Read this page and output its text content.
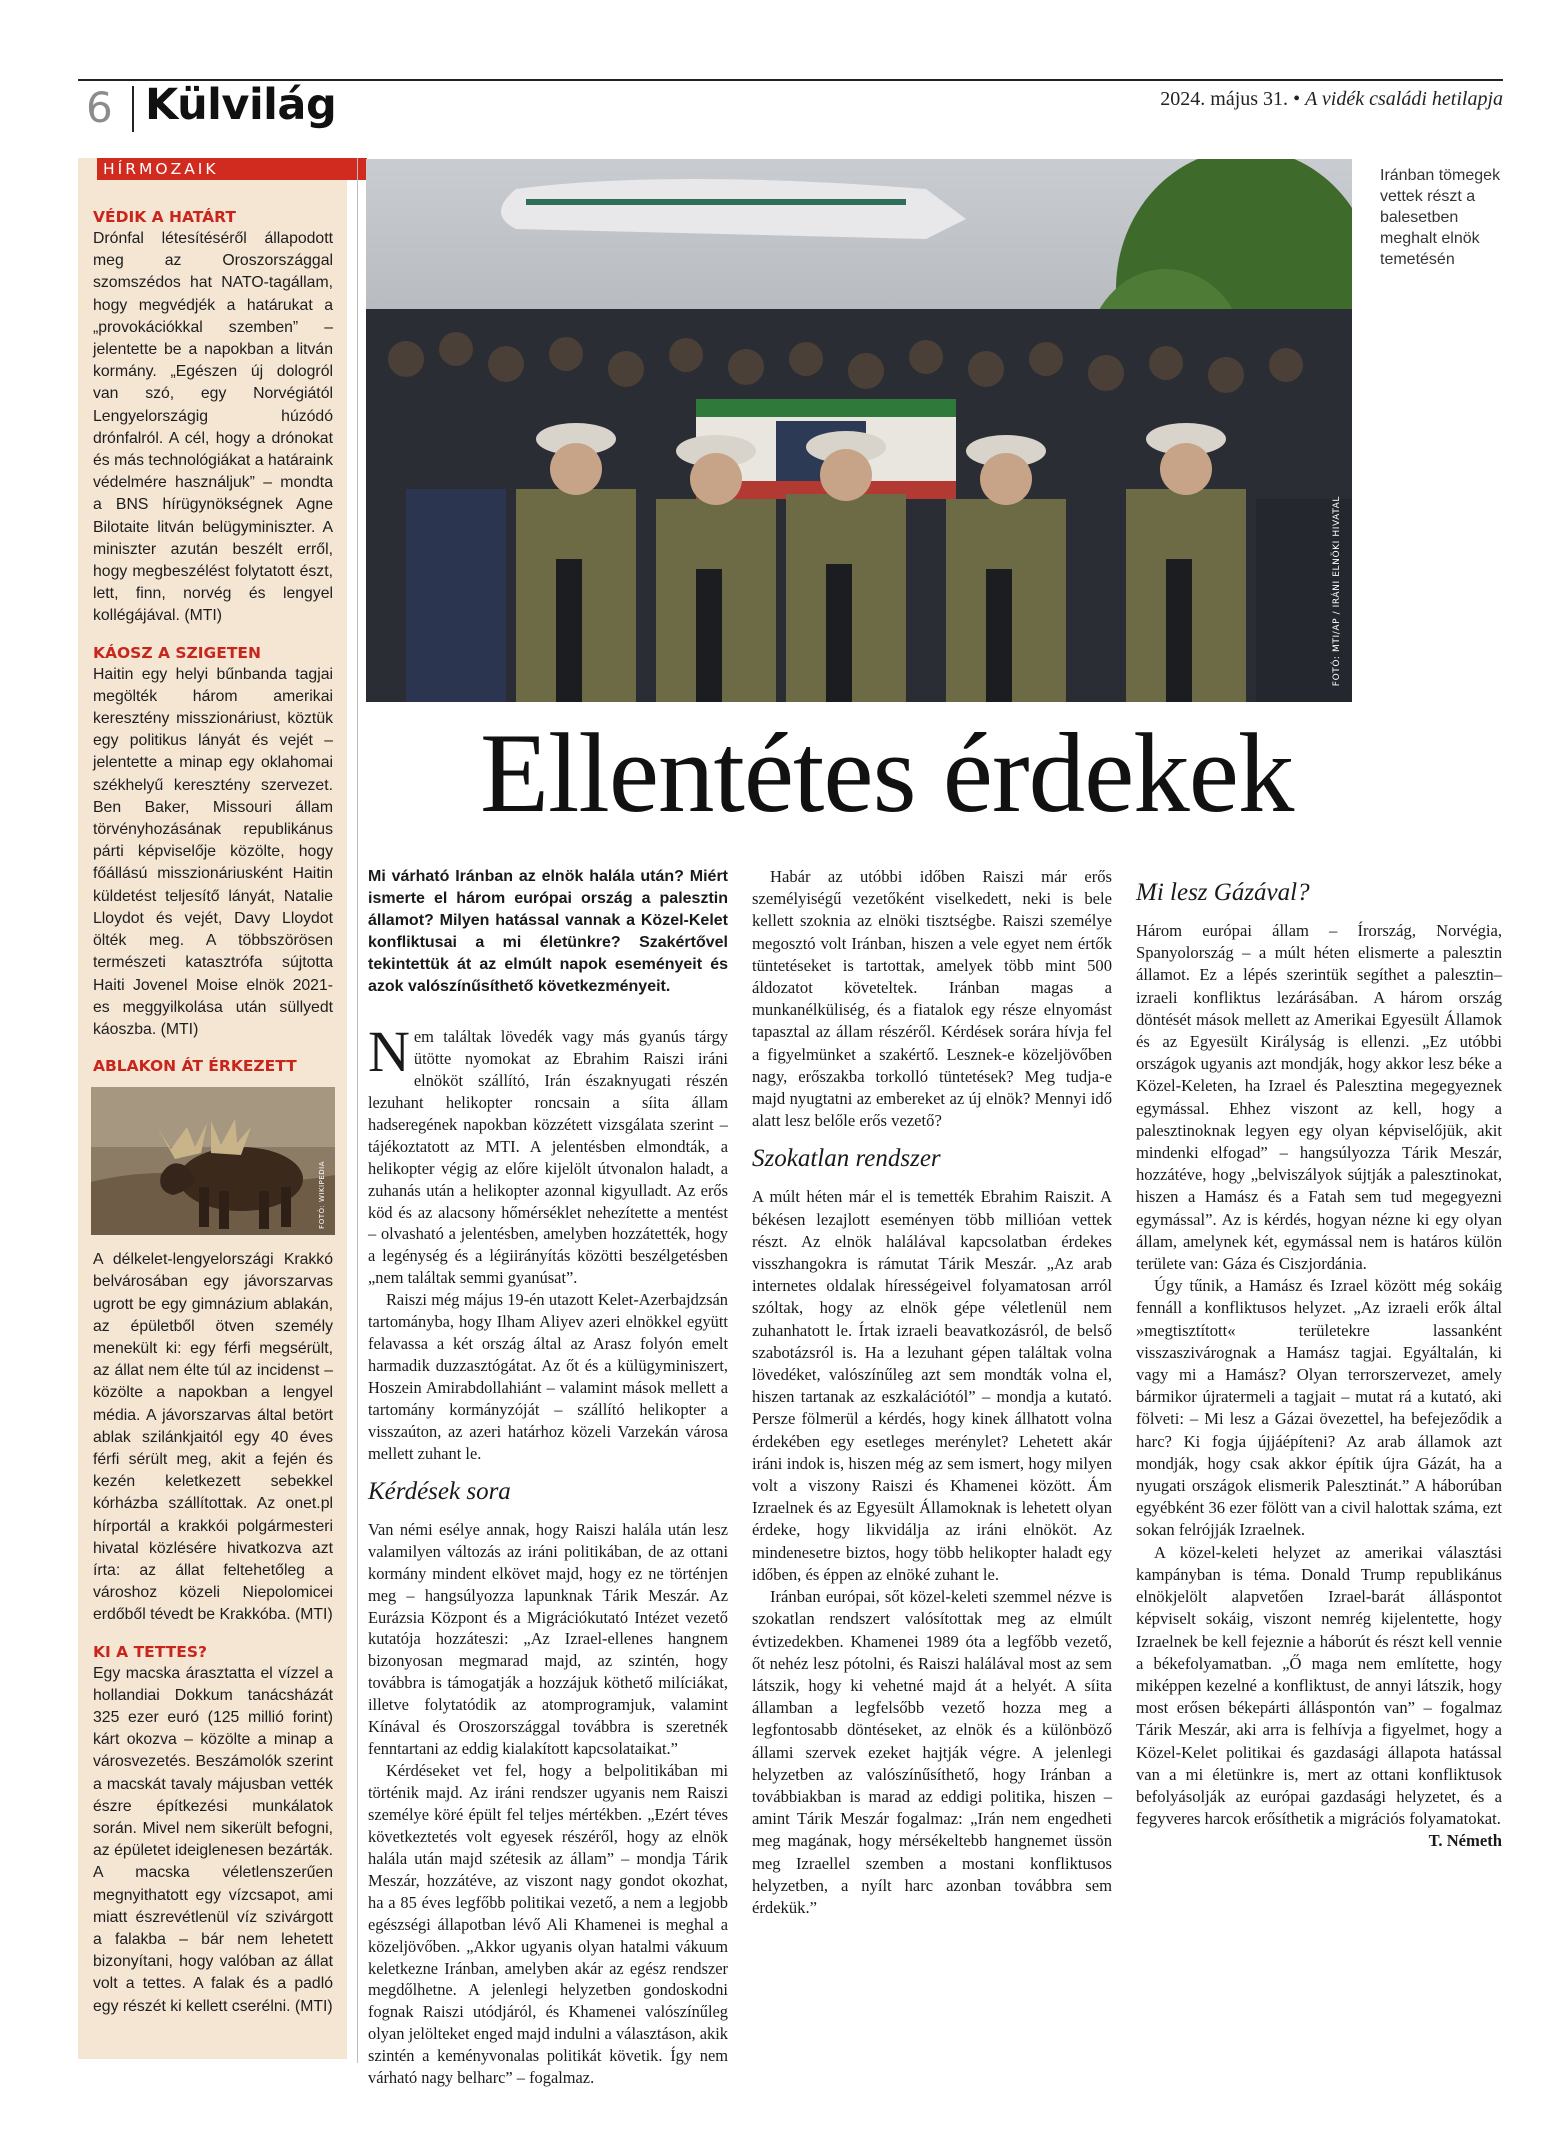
6 Külvilág	2024. május 31. • A vidék családi hetilapja
HÍRMOZAIK
VÉDIK A HATÁRT

Drónfal létesítéséről állapodott meg az Oroszországgal szomszédos hat NATO-tagállam, hogy megvédjék a határukat a „provokációkkal szemben” – jelentette be a napokban a litván kormány. „Egészen új dologról van szó, egy Norvégiától Lengyelországig húzódó drónfalról. A cél, hogy a drónokat és más technológiákat a határaink védelmére használjuk” – mondta a BNS hírügynökségnek Agne Bilotaite litván belügyminiszter. A miniszter azután beszélt erről, hogy megbeszélést folytatott észt, lett, finn, norvég és lengyel kollégájával. (MTI)

KÁOSZ A SZIGETEN

Haitin egy helyi bűnbanda tagjai megölték három amerikai keresztény misszionáriust, köztük egy politikus lányát és vejét – jelentette a minap egy oklahomai székhelyű keresztény szervezet. Ben Baker, Missouri állam törvényhozásának republikánus párti képviselője közölte, hogy főállású misszionáriusként Haitin küldetést teljesítő lányát, Natalie Lloydot és vejét, Davy Lloydot ölték meg. A többszörösen természeti katasztrófa sújtotta Haiti Jovenel Moise elnök 2021-es meggyilkolása után süllyedt káoszba. (MTI)

ABLAKON ÁT ÉRKEZETT
FOTÓ: WIKIPEDIA

A délkelet-lengyelországi Krakkó belvárosában egy jávorszarvas ugrott be egy gimnázium ablakán, az épületből ötven személy menekült ki: egy férfi megsérült, az állat nem élte túl az incidenst – közölte a napokban a lengyel média. A jávorszarvas által betört ablak szilánkjaitól egy 40 éves férfi sérült meg, akit a fején és kezén keletkezett sebekkel kórházba szállítottak. Az onet.pl hírportál a krakkói polgármesteri hivatal közlésére hivatkozva azt írta: az állat feltehetőleg a városhoz közeli Niepolomicei erdőből tévedt be Krakkóba. (MTI)

KI A TETTES?

Egy macska árasztatta el vízzel a hollandiai Dokkum tanácsházát 325 ezer euró (125 millió forint) kárt okozva – közölte a minap a városvezetés. Beszámolók szerint a macskát tavaly májusban vették észre építkezési munkálatok során. Mivel nem sikerült befogni, az épületet ideiglenesen bezárták. A macska véletlenszerűen megnyithatott egy vízcsapot, ami miatt észrevétlenül víz szivárgott a falakba – bár nem lehetett bizonyítani, hogy valóban az állat volt a tettes. A falak és a padló egy részét ki kellett cserélni. (MTI)

FOTÓ: MTI/AP / IRÁNI ELNÖKI HIVATAL
Iránban tömegek vettek részt a balesetben meghalt elnök temetésén
Ellentétes érdekek

Mi várható Iránban az elnök halála után? Miért ismerte el három európai ország a palesztin államot? Milyen hatással vannak a Közel-Kelet konfliktusai a mi életünkre? Szakértővel tekintettük át az elmúlt napok eseményeit és azok valószínűsíthető következményeit.

Nem találtak lövedék vagy más gyanús tárgy ütötte nyomokat az Ebrahim Raiszi iráni elnököt szállító, Irán északnyugati részén lezuhant helikopter roncsain a síita állam hadseregének napokban közzétett vizsgálata szerint – tájékoztatott az MTI. A jelentésben elmondták, a helikopter végig az előre kijelölt útvonalon haladt, a zuhanás után a helikopter azonnal kigyulladt. Az erős köd és az alacsony hőmérséklet nehezítette a mentést – olvasható a jelentésben, amelyben hozzátették, hogy a legénység és a légiirányítás közötti beszélgetésben „nem találtak semmi gyanúsat”.

Raiszi még május 19-én utazott Kelet-Azerbajdzsán tartományba, hogy Ilham Aliyev azeri elnökkel együtt felavassa a két ország által az Arasz folyón emelt harmadik duzzasztógátat. Az őt és a külügyminiszert, Hoszein Amirabdollahiánt – valamint mások mellett a tartomány kormányzóját – szállító helikopter a visszaúton, az azeri határhoz közeli Varzekán városa mellett zuhant le.

Kérdések sora

Van némi esélye annak, hogy Raiszi halála után lesz valamilyen változás az iráni politikában, de az ottani kormány mindent elkövet majd, hogy ez ne történjen meg – hangsúlyozza lapunknak Tárik Meszár. Az Eurázsia Központ és a Migrációkutató Intézet vezető kutatója hozzáteszi: „Az Izrael-ellenes hangnem bizonyosan megmarad majd, az szintén, hogy továbbra is támogatják a hozzájuk köthető milíciákat, illetve folytatódik az atomprogramjuk, valamint Kínával és Oroszországgal továbbra is szeretnék fenntartani az eddig kialakított kapcsolataikat.”

Kérdéseket vet fel, hogy a belpolitikában mi történik majd. Az iráni rendszer ugyanis nem Raiszi személye köré épült fel teljes mértékben. „Ezért téves következtetés volt egyesek részéről, hogy az elnök halála után majd szétesik az állam” – mondja Tárik Meszár, hozzátéve, az viszont nagy gondot okozhat, ha a 85 éves legfőbb politikai vezető, a nem a legjobb egészségi állapotban lévő Ali Khamenei is meghal a közeljövőben. „Akkor ugyanis olyan hatalmi vákuum keletkezne Iránban, amelyben akár az egész rendszer megdőlhetne. A jelenlegi helyzetben gondoskodni fognak Raiszi utódjáról, és Khamenei valószínűleg olyan jelölteket enged majd indulni a választáson, akik szintén a keményvonalas politikát követik. Így nem várható nagy belharc” – fogalmaz.

Habár az utóbbi időben Raiszi már erős személyiségű vezetőként viselkedett, neki is bele kellett szoknia az elnöki tisztségbe. Raiszi személye megosztó volt Iránban, hiszen a vele egyet nem értők tüntetéseket is tartottak, amelyek több mint 500 áldozatot követeltek. Iránban magas a munkanélküliség, és a fiatalok egy része elnyomást tapasztal az állam részéről. Kérdések sorára hívja fel a figyelmünket a szakértő. Lesznek-e közeljövőben nagy, erőszakba torkolló tüntetések? Meg tudja-e majd nyugtatni az embereket az új elnök? Mennyi idő alatt lesz belőle erős vezető?

Szokatlan rendszer

A múlt héten már el is temették Ebrahim Raiszit. A békésen lezajlott eseményen több millióan vettek részt. Az elnök halálával kapcsolatban érdekes visszhangokra is rámutat Tárik Meszár. „Az arab internetes oldalak hírességeivel folyamatosan arról szóltak, hogy az elnök gépe véletlenül nem zuhanhatott le. Írtak izraeli beavatkozásról, de belső szabotázsról is. Ha a lezuhant gépen találtak volna lövedéket, valószínűleg azt sem mondták volna el, hiszen tartanak az eszkalációtól” – mondja a kutató. Persze fölmerül a kérdés, hogy kinek állhatott volna érdekében egy esetleges merénylet? Lehetett akár iráni indok is, hiszen még az sem ismert, hogy milyen volt a viszony Raiszi és Khamenei között. Ám Izraelnek és az Egyesült Államoknak is lehetett olyan érdeke, hogy likvidálja az iráni elnököt. Az mindenesetre biztos, hogy több helikopter haladt egy időben, és éppen az elnöké zuhant le.

Iránban európai, sőt közel-keleti szemmel nézve is szokatlan rendszert valósítottak meg az elmúlt évtizedekben. Khamenei 1989 óta a legfőbb vezető, őt nehéz lesz pótolni, és Raiszi halálával most az sem látszik, hogy ki vehetné majd át a helyét. A síita államban a legfelsőbb vezető hozza meg a legfontosabb döntéseket, az elnök és a különböző állami szervek ezeket hajtják végre. A jelenlegi helyzetben az valószínűsíthető, hogy Iránban a továbbiakban is marad az eddigi politika, hiszen – amint Tárik Meszár fogalmaz: „Irán nem engedheti meg magának, hogy mérsékeltebb hangnemet üssön meg Izraellel szemben a mostani konfliktusos helyzetben, a nyílt harc azonban továbbra sem érdekük.”

Mi lesz Gázával?

Három európai állam – Írország, Norvégia, Spanyolország – a múlt héten elismerte a palesztin államot. Ez a lépés szerintük segíthet a palesztin–izraeli konfliktus lezárásában. A három ország döntését mások mellett az Amerikai Egyesült Államok és az Egyesült Királyság is ellenzi. „Ez utóbbi országok ugyanis azt mondják, hogy akkor lesz béke a Közel-Keleten, ha Izrael és Palesztina megegyeznek egymással. Ehhez viszont az kell, hogy a palesztinoknak legyen egy olyan képviselőjük, akit mindenki elfogad” – hangsúlyozza Tárik Meszár, hozzátéve, hogy „belviszályok sújtják a palesztinokat, hiszen a Hamász és a Fatah sem tud megegyezni egymással”. Az is kérdés, hogyan nézne ki egy olyan állam, amelynek két, egymással nem is határos külön területe van: Gáza és Ciszjordánia.

Úgy tűnik, a Hamász és Izrael között még sokáig fennáll a konfliktusos helyzet. „Az izraeli erők által »megtisztított« területekre lassanként visszaszivárognak a Hamász tagjai. Egyáltalán, ki vagy mi a Hamász? Olyan terrorszervezet, amely bármikor újratermeli a tagjait – mutat rá a kutató, aki fölveti: – Mi lesz a Gázai övezettel, ha befejeződik a harc? Ki fogja újjáépíteni? Az arab államok azt mondják, hogy csak akkor építik újra Gázát, ha a nyugati országok elismerik Palesztinát.” A háborúban egyébként 36 ezer fölött van a civil halottak száma, ezt sokan felrójják Izraelnek.

A közel-keleti helyzet az amerikai választási kampányban is téma. Donald Trump republikánus elnökjelölt alapvetően Izrael-barát álláspontot képviselt sokáig, viszont nemrég kijelentette, hogy Izraelnek be kell fejeznie a háborút és részt kell vennie a békefolyamatban. „Ő maga nem említette, hogy miképpen kezelné a konfliktust, de annyi látszik, hogy most erősen békepárti álláspontón van” – fogalmaz Tárik Meszár, aki arra is felhívja a figyelmet, hogy a Közel-Kelet politikai és gazdasági állapota hatással van a mi életünkre is, mert az ottani konfliktusok befolyásolják az európai gazdasági helyzetet, és a fegyveres harcok erősíthetik a migrációs folyamatokat.
T. Németh
